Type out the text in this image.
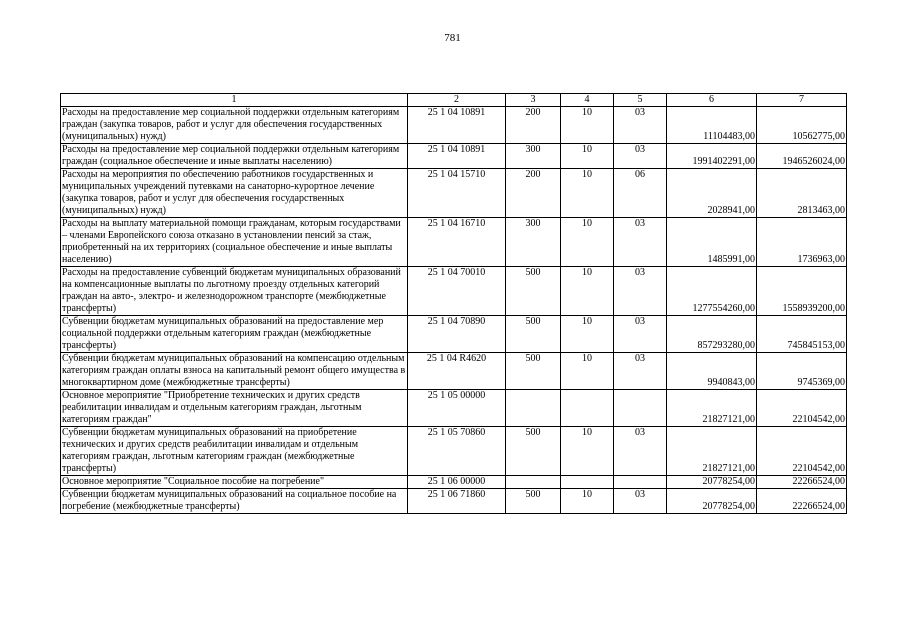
781
1	2	3	4	5	6	7
Расходы на предоставление мер социальной поддержки отдельным категориям граждан (закупка товаров, работ и услуг для обеспечения государственных (муниципальных) нужд)	25 1 04 10891	200	10	03	11104483,00	10562775,00
Расходы на предоставление мер социальной поддержки отдельным категориям граждан (социальное обеспечение и иные выплаты населению)	25 1 04 10891	300	10	03	1991402291,00	1946526024,00
Расходы на мероприятия по обеспечению работников государственных и муниципальных учреждений путевками на санаторно-курортное лечение (закупка товаров, работ и услуг для обеспечения государственных (муниципальных) нужд)	25 1 04 15710	200	10	06	2028941,00	2813463,00
Расходы на выплату материальной помощи гражданам, которым государствами – членами Европейского союза отказано в установлении пенсий за стаж, приобретенный на их территориях (социальное обеспечение и иные выплаты населению)	25 1 04 16710	300	10	03	1485991,00	1736963,00
Расходы на предоставление субвенций бюджетам муниципальных образований на компенсационные выплаты по льготному проезду отдельных категорий граждан на авто-, электро- и железнодорожном транспорте (межбюджетные трансферты)	25 1 04 70010	500	10	03	1277554260,00	1558939200,00
Субвенции бюджетам муниципальных образований на предоставление мер социальной поддержки отдельным категориям граждан (межбюджетные трансферты)	25 1 04 70890	500	10	03	857293280,00	745845153,00
Субвенции бюджетам муниципальных образований на компенсацию отдельным категориям граждан оплаты взноса на капитальный ремонт общего имущества в многоквартирном доме (межбюджетные трансферты)	25 1 04 R4620	500	10	03	9940843,00	9745369,00
Основное мероприятие "Приобретение технических и других средств реабилитации инвалидам и отдельным категориям граждан, льготным категориям граждан"	25 1 05 00000				21827121,00	22104542,00
Субвенции бюджетам муниципальных образований на приобретение технических и других средств реабилитации инвалидам и отдельным категориям граждан, льготным категориям граждан (межбюджетные трансферты)	25 1 05 70860	500	10	03	21827121,00	22104542,00
Основное мероприятие "Социальное пособие на погребение"	25 1 06 00000				20778254,00	22266524,00
Субвенции бюджетам муниципальных образований на социальное пособие на погребение (межбюджетные трансферты)	25 1 06 71860	500	10	03	20778254,00	22266524,00
